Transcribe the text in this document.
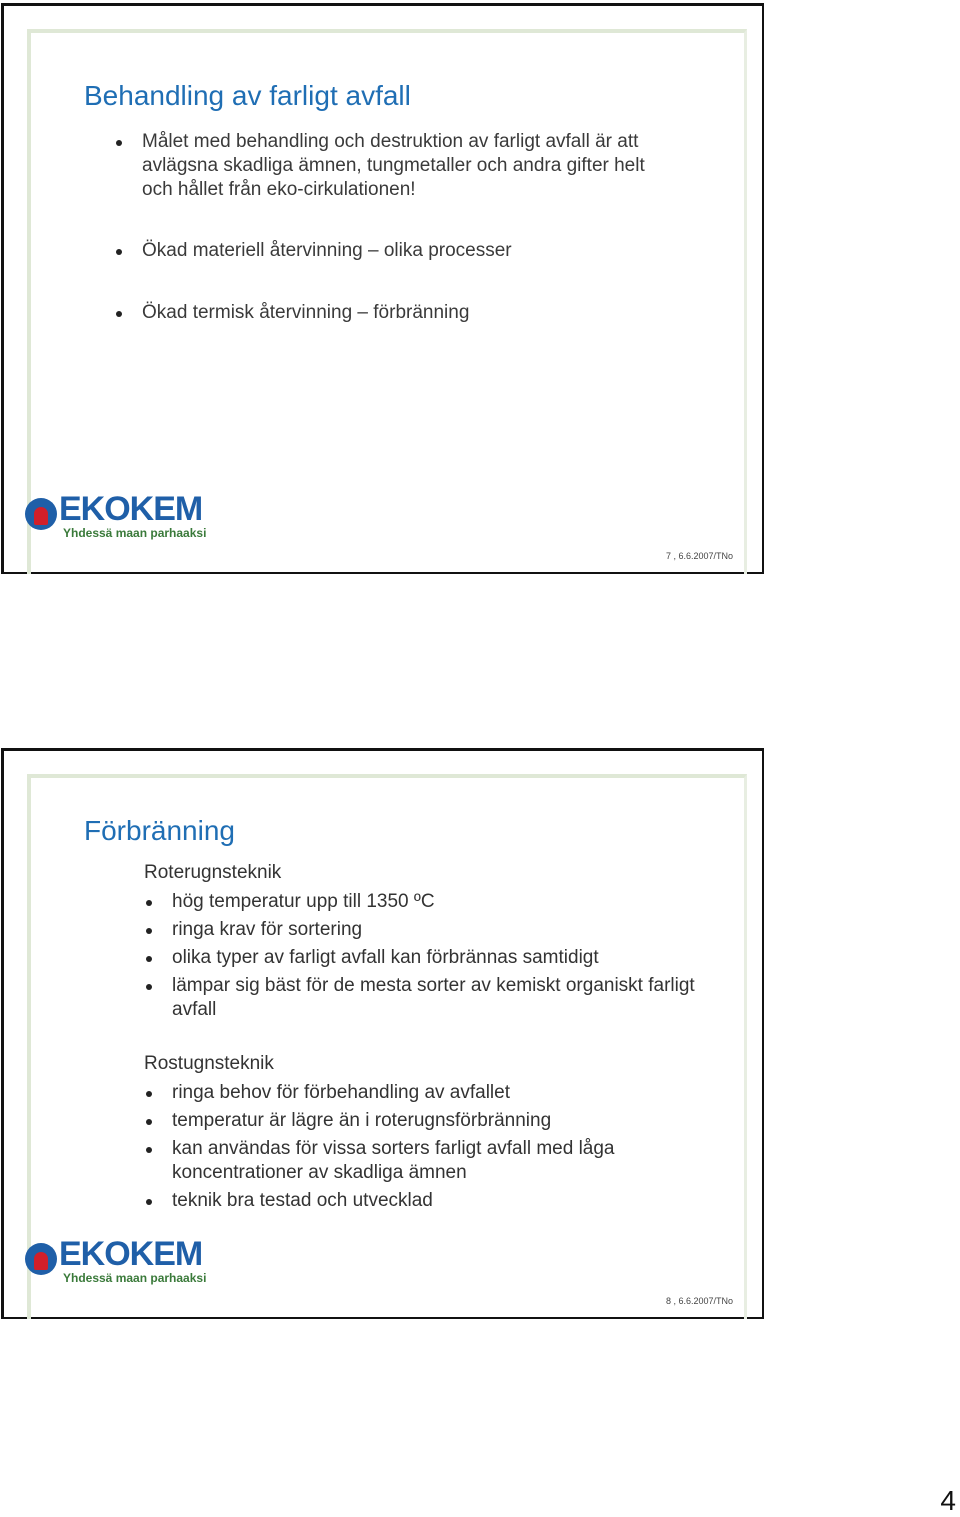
Behandling av farligt avfall
Målet med behandling och destruktion av farligt avfall är att avlägsna skadliga ämnen, tungmetaller och andra gifter helt och hållet från eko-cirkulationen!
Ökad materiell återvinning – olika processer
Ökad termisk återvinning – förbränning
EKOKEM
Yhdessä maan parhaaksi
7 , 6.6.2007/TNo
Förbränning
Roterugnsteknik
hög temperatur upp till 1350 ºC
ringa krav för sortering
olika typer av farligt avfall kan förbrännas samtidigt
lämpar sig bäst för de mesta sorter av kemiskt organiskt farligt avfall
Rostugnsteknik
ringa behov för förbehandling av avfallet
temperatur är lägre än i roterugnsförbränning
kan användas för vissa sorters farligt avfall med låga koncentrationer av skadliga ämnen
teknik bra testad och utvecklad
EKOKEM
Yhdessä maan parhaaksi
8 , 6.6.2007/TNo
4
